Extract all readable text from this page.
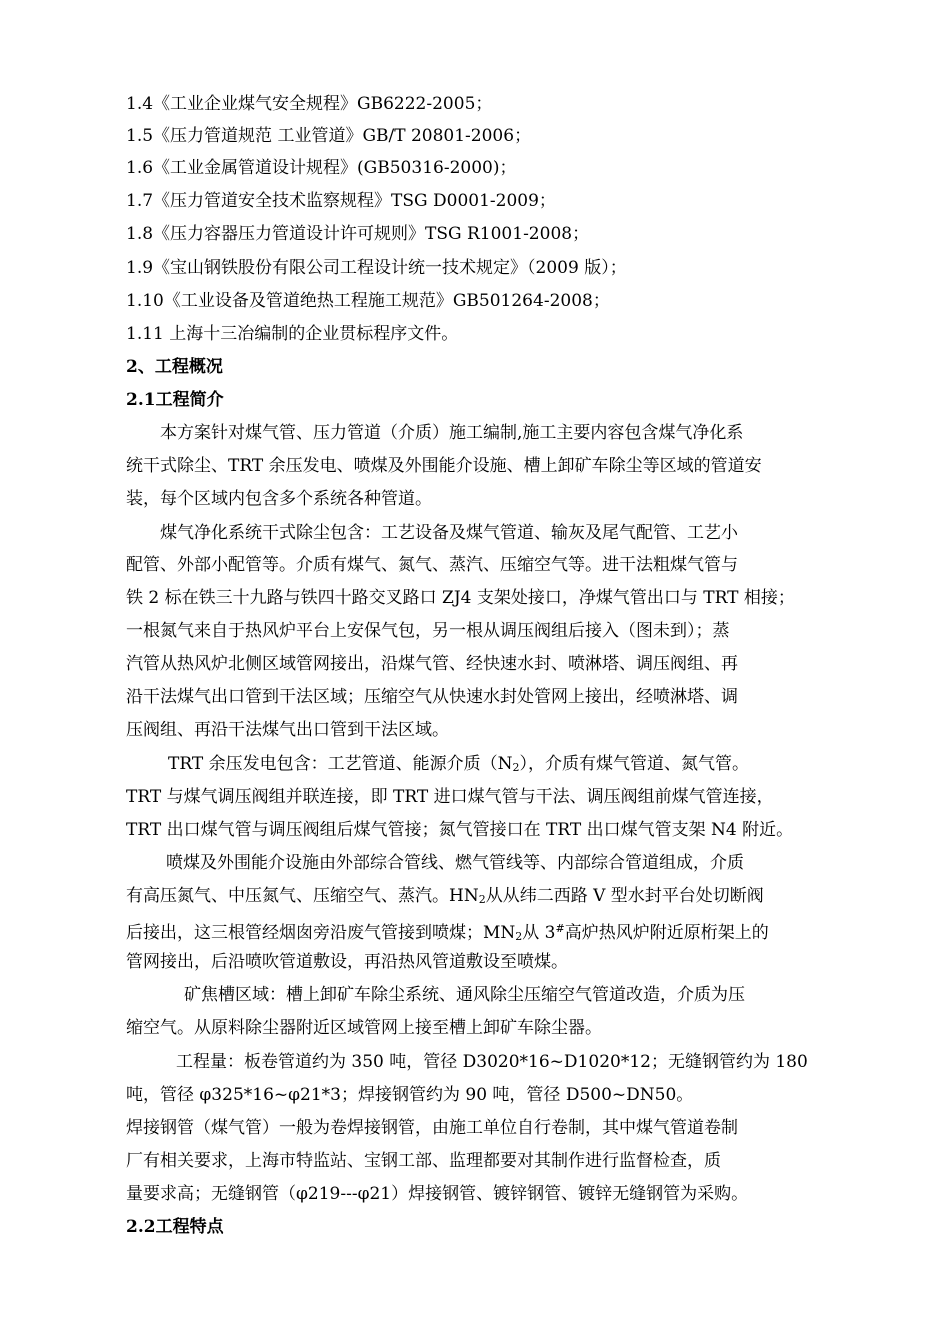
1.4《工业企业煤气安全规程》GB6222-2005；
1.5《压力管道规范 工业管道》GB/T 20801-2006；
1.6《工业金属管道设计规程》(GB50316-2000)；
1.7《压力管道安全技术监察规程》TSG D0001-2009；
1.8《压力容器压力管道设计许可规则》TSG R1001-2008；
1.9《宝山钢铁股份有限公司工程设计统一技术规定》（2009 版）；
1.10《工业设备及管道绝热工程施工规范》GB501264-2008；
1.11 上海十三冶编制的企业贯标程序文件。
2、工程概况
2.1工程简介
本方案针对煤气管、压力管道（介质）施工编制,施工主要内容包含煤气净化系
统干式除尘、TRT 余压发电、喷煤及外围能介设施、槽上卸矿车除尘等区域的管道安
装，每个区域内包含多个系统各种管道。
煤气净化系统干式除尘包含：工艺设备及煤气管道、输灰及尾气配管、工艺小
配管、外部小配管等。介质有煤气、氮气、蒸汽、压缩空气等。进干法粗煤气管与
铁 2 标在铁三十九路与铁四十路交叉路口 ZJ4 支架处接口，净煤气管出口与 TRT 相接；
一根氮气来自于热风炉平台上安保气包，另一根从调压阀组后接入（图未到）；蒸
汽管从热风炉北侧区域管网接出，沿煤气管、经快速水封、喷淋塔、调压阀组、再
沿干法煤气出口管到干法区域；压缩空气从快速水封处管网上接出，经喷淋塔、调
压阀组、再沿干法煤气出口管到干法区域。
TRT 余压发电包含：工艺管道、能源介质$(N_2)$，介质有煤气管道、氮气管。
TRT 与煤气调压阀组并联连接，即 TRT 进口煤气管与干法、调压阀组前煤气管连接，
TRT 出口煤气管与调压阀组后煤气管接；氮气管接口在 TRT 出口煤气管支架 N4 附近。
喷煤及外围能介设施由外部综合管线、燃气管线等、内部综合管道组成，介质
有高压氮气、中压氮气、压缩空气、蒸汽。$HN_2$从从纬二西路 V 型水封平台处切断阀
后接出，这三根管经烟囱旁沿废气管接到喷煤；$MN_2$从 3#高炉热风炉附近原桁架上的
管网接出，后沿喷吹管道敷设，再沿热风管道敷设至喷煤。
矿焦槽区域：槽上卸矿车除尘系统、通风除尘压缩空气管道改造，介质为压
缩空气。从原料除尘器附近区域管网上接至槽上卸矿车除尘器。
工程量：板卷管道约为 350 吨，管径 D3020*16~D1020*12；无缝钢管约为 180
吨，管径 φ325*16~φ21*3；焊接钢管约为 90 吨，管径 D500~DN50。
焊接钢管（煤气管）一般为卷焊接钢管，由施工单位自行卷制，其中煤气管道卷制
厂有相关要求，上海市特监站、宝钢工部、监理都要对其制作进行监督检查，质
量要求高；无缝钢管（φ219---φ21）焊接钢管、镀锌钢管、镀锌无缝钢管为采购。
2.2工程特点
